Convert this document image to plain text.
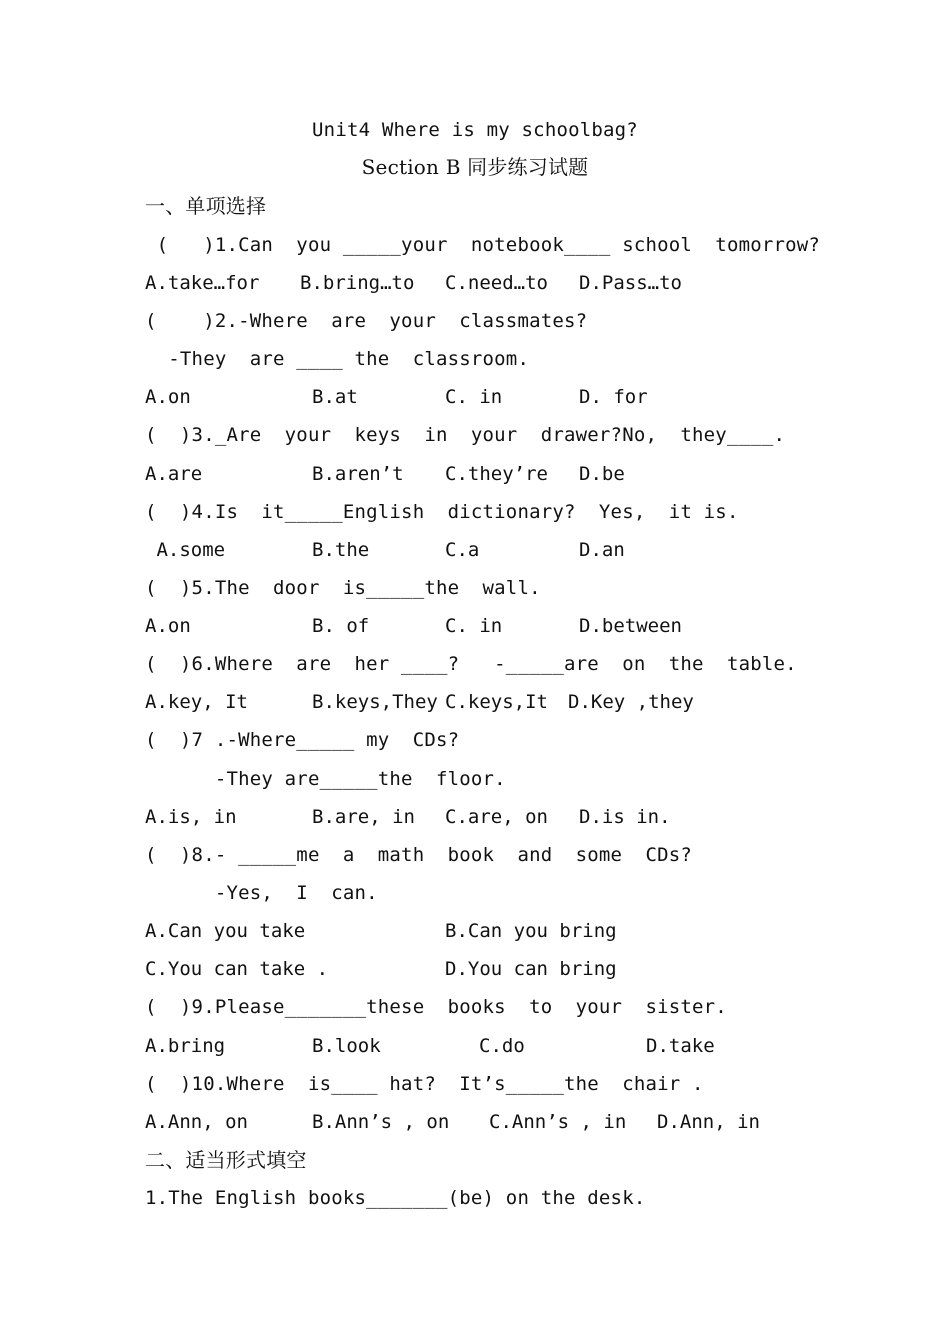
Unit4 Where is my schoolbag?
Section B 同步练习试题
一、单项选择
(   )1.Can  you _____your  notebook____ school  tomorrow?
A.take…for B.bring…to C.need…to D.Pass…to
(    )2.-Where  are  your  classmates?
-They  are ____ the  classroom.
A.on	B.at	C. in	D. for
(  )3._Are  your  keys  in  your  drawer?No,  they____.
A.are	B.aren’t C.they’re D.be
(  )4.Is  it_____English  dictionary?  Yes,  it is.
A.some	B.the	C.a	D.an
(  )5.The  door  is_____the  wall.
A.on	B. of	C. in	D.between
(  )6.Where  are  her ____?   -_____are  on  the  table.
A.key, It	B.keys,They C.keys,It D.Key ,they
(  )7 .-Where_____ my  CDs?
-They are_____the  floor.
A.is, in	B.are, in C.are, on D.is in.
(  )8.- _____me  a  math  book  and  some  CDs?
-Yes,  I  can.
A.Can you take	B.Can you bring
C.You can take .	D.You can bring
(  )9.Please_______these  books  to  your  sister.
A.bring	B.look	C.do	D.take
(  )10.Where  is____ hat?  It’s_____the  chair .
A.Ann, on	B.Ann’s , on C.Ann’s , in D.Ann, in
二、适当形式填空
1.The English books_______(be) on the desk.
